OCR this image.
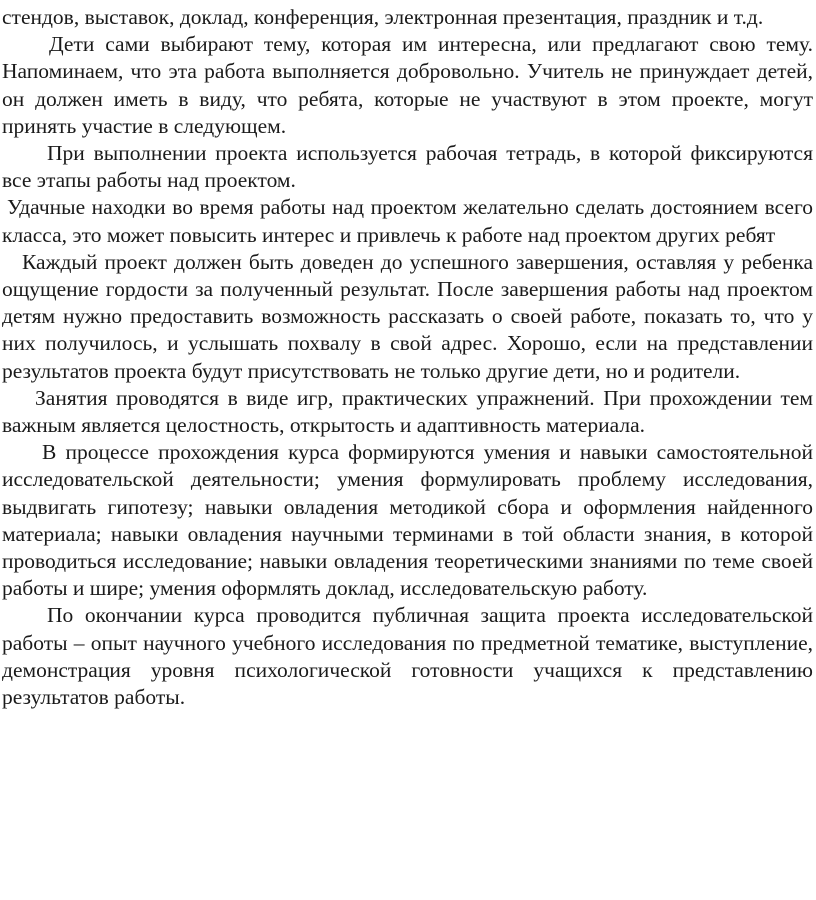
стендов, выставок, доклад, конференция, электронная презентация, праздник и т.д.

Дети сами выбирают тему, которая им интересна, или предлагают свою тему. Напоминаем, что эта работа выполняется добровольно. Учитель не принуждает детей, он должен иметь в виду, что ребята, которые не участвуют в этом проекте, могут принять участие в следующем.

При выполнении проекта используется рабочая тетрадь, в которой фиксируются все этапы работы над проектом.

Удачные находки во время работы над проектом желательно сделать достоянием всего класса, это может повысить интерес и привлечь к работе над проектом других ребят

Каждый проект должен быть доведен до успешного завершения, оставляя у ребенка ощущение гордости за полученный результат. После завершения работы над проектом детям нужно предоставить возможность рассказать о своей работе, показать то, что у них получилось, и услышать похвалу в свой адрес. Хорошо, если на представлении результатов проекта будут присутствовать не только другие дети, но и родители.

Занятия проводятся в виде игр, практических упражнений. При прохождении тем важным является целостность, открытость и адаптивность материала.

В процессе прохождения курса формируются умения и навыки самостоятельной исследовательской деятельности; умения формулировать проблему исследования, выдвигать гипотезу; навыки овладения методикой сбора и оформления найденного материала; навыки овладения научными терминами в той области знания, в которой проводиться исследование; навыки овладения теоретическими знаниями по теме своей работы и шире; умения оформлять доклад, исследовательскую работу.

По окончании курса проводится публичная защита проекта исследовательской работы – опыт научного учебного исследования по предметной тематике, выступление, демонстрация уровня психологической готовности учащихся к представлению результатов работы.
